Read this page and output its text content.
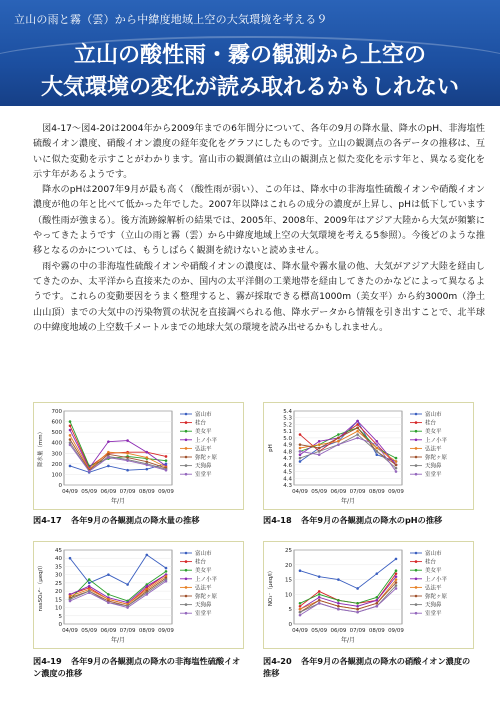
立山の雨と霧（雲）から中緯度地域上空の大気環境を考える９
立山の酸性雨・霧の観測から上空の
大気環境の変化が読み取れるかもしれない

図4-17～図4-20は2004年から2009年までの6年間分について、各年の9月の降水量、降水のpH、非海塩性硫酸イオン濃度、硝酸イオン濃度の経年変化をグラフにしたものです。立山の観測点の各データの推移は、互いに似た変動を示すことがわかります。富山市の観測値は立山の観測点と似た変化を示す年と、異なる変化を示す年があるようです。

降水のpHは2007年9月が最も高く（酸性雨が弱い）、この年は、降水中の非海塩性硫酸イオンや硝酸イオン濃度が他の年と比べて低かった年でした。2007年以降はこれらの成分の濃度が上昇し、pHは低下しています（酸性雨が強まる）。後方流跡線解析の結果では、2005年、2008年、2009年はアジア大陸から大気が頻繁にやってきたようです（立山の雨と霧（雲）から中緯度地域上空の大気環境を考える5参照）。今後どのような推移となるのかについては、もうしばらく観測を続けないと読めません。

雨や霧の中の非海塩性硫酸イオンや硝酸イオンの濃度は、降水量や霧水量の他、大気がアジア大陸を経由してきたのか、太平洋から直接来たのか、国内の太平洋側の工業地帯を経由してきたのかなどによって異なるようです。これらの変動要因をうまく整理すると、霧が採取できる標高1000m（美女平）から約3000m（浄土山山頂）までの大気中の汚染物質の状況を直接調べられる他、降水データから情報を引き出すことで、北半球の中緯度地域の上空数千メートルまでの地球大気の環境を読み出せるかもしれません。

0
100
200
300
400
500
600
700
04/09 05/09 06/09 07/09 08/09 09/09
年/月
降水量（mm）
富山市
桂台
美女平
上ノ小平
弘法平
弥陀ヶ原
天狗鼻
室堂平
図4-17 各年9月の各観測点の降水量の推移
4.3
4.4
4.5
4.6
4.7
4.8
4.9
5.0
5.1
5.2
5.3
5.4
04/09 05/09 06/09 07/09 08/09 09/09
年/月
pH
富山市
桂台
美女平
上ノ小平
弘法平
弥陀ヶ原
天狗鼻
室堂平
図4-18 各年9月の各観測点の降水のpHの推移
0
5
10
15
20
25
30
35
40
45
04/09 05/09 06/09 07/09 08/09 09/09
年/月
nssSO₄²⁻（μeq/l）
富山市
桂台
美女平
上ノ小平
弘法平
弥陀ヶ原
天狗鼻
室堂平
図4-19 各年9月の各観測点の降水の非海塩性硫酸イオン濃度の推移
0
5
10
15
20
25
04/09 05/09 06/09 07/09 08/09 09/09
年/月
NO₃⁻（μeq/l）
富山市
桂台
美女平
上ノ小平
弘法平
弥陀ヶ原
天狗鼻
室堂平
図4-20 各年9月の各観測点の降水の硝酸イオン濃度の推移
